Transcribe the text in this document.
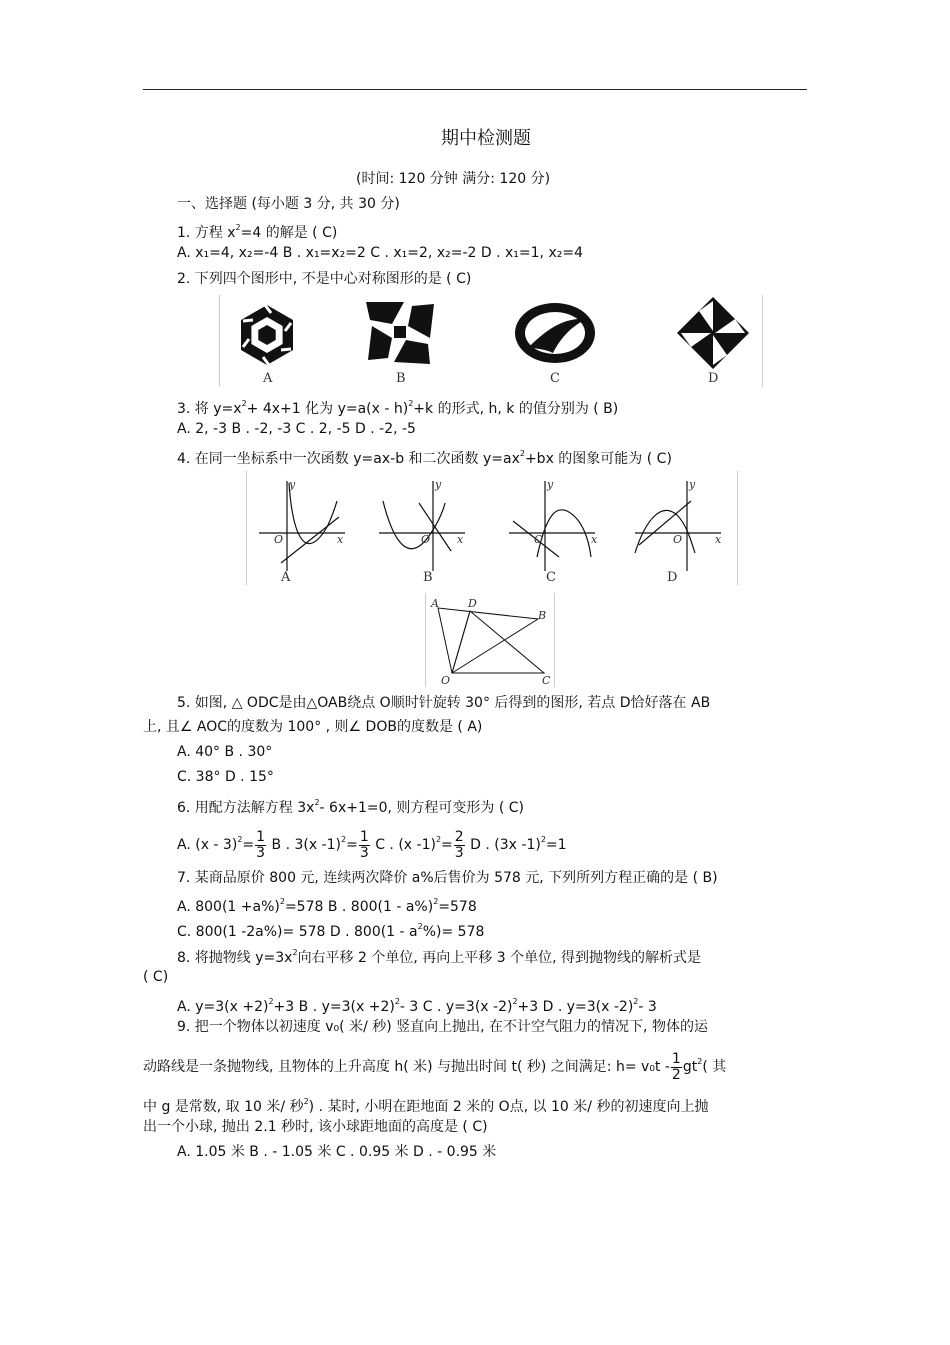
期中检测题
(时间: 120 分钟 满分: 120 分)
一、选择题 (每小题 3 分, 共 30 分)
1. 方程 $x^2=4$ 的解是 ( C)
A. x₁=4, x₂=-4 B . x₁=x₂=2 C . x₁=2, x₂=-2 D . x₁=1, x₂=4
2. 下列四个图形中, 不是中心对称图形的是 ( C)
A	B	C	D
3. 将 $y=x^2+ 4x+1$ 化为 y=a(x - h)$^2$+k 的形式, h, k 的值分别为 ( B)
A. 2, -3 B . -2, -3 C . 2, -5 D . -2, -5
4. 在同一坐标系中一次函数 y=ax-b 和二次函数 $y=ax^2+bx$ 的图象可能为 ( C)
y
x
O
y
x
O
y
x
O
y
x
O
A	B	C	D
A	D
B
O	C
5. 如图, △ ODC是由△OAB绕点 O顺时针旋转 30° 后得到的图形, 若点 D恰好落在 AB
上, 且∠ AOC的度数为 100° , 则∠ DOB的度数是 ( A)
A. 40° B . 30°
C. 38° D . 15°
6. 用配方法解方程 $3x^2-$ 6x+1=0, 则方程可变形为 ( C)
A. $(x - 3)^2= \frac{1}{3}$ B . 3(x $-1)^2= \frac{1}{3}$ C . (x $-1)^2= \frac{2}{3}$ D . (3x -1)$^2$=1
7. 某商品原价 800 元, 连续两次降价 a%后售价为 578 元, 下列所列方程正确的是 ( B)
A. $800(1 +a\%)^2=578$ B . 800(1 - a%)$^2$=578
C. 800(1 -2a%)= 578 D . $800(1 - a^2\%)= 578$
8. 将抛物线 $y=3x^2$向右平移 2 个单位, 再向上平移 3 个单位, 得到抛物线的解析式是
( C)
A. $y=3(x +2)^2+3$ B . $y=3(x +2)^2-$ 3 C . y=3(x -2)$^2$+3 D . y=3(x -2)$^2$- 3
9. 把一个物体以初速度 v₀( 米/ 秒) 竖直向上抛出, 在不计空气阻力的情况下, 物体的运
动路线是一条抛物线, 且物体的上升高度 h( 米) 与抛出时间 t( 秒) 之间满足: $h= v_0t - \frac{1}{2} gt^2$( 其
中 g 是常数, 取 10 米/ 秒$^2$) . 某时, 小明在距地面 2 米的 O点, 以 10 米/ 秒的初速度向上抛
出一个小球, 抛出 2.1 秒时, 该小球距地面的高度是 ( C)
A. 1.05 米 B . - 1.05 米 C . 0.95 米 D . - 0.95 米
